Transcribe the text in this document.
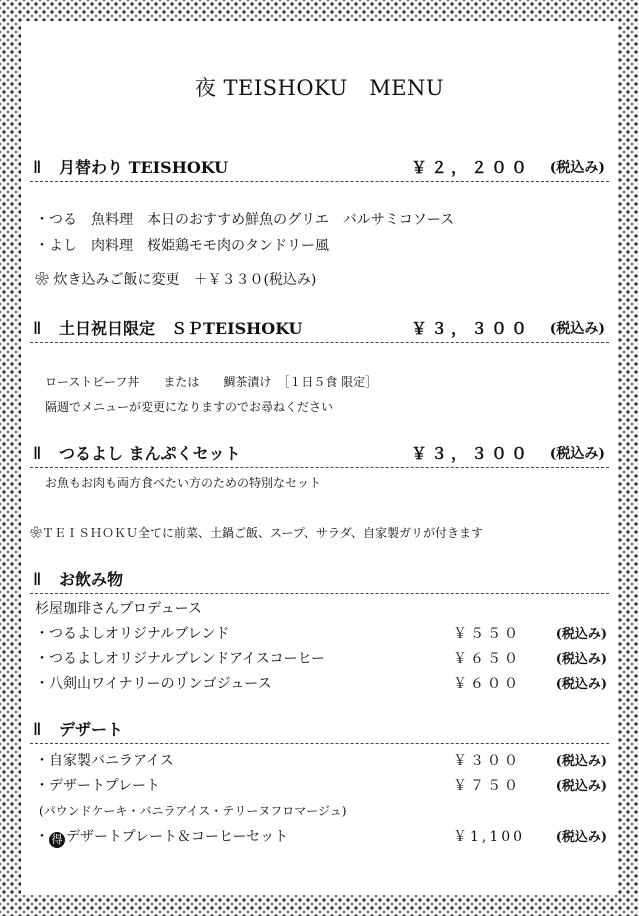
夜 TEISHOKU　MENU
ǁ 月替わり TEISHOKU	￥２，２００ (税込み)
・つる　魚料理　本日のおすすめ鮮魚のグリエ　バルサミコソース
・よし　肉料理　桜姫鶏モモ肉のタンドリー風
❀ 炊き込みご飯に変更　＋￥３３０(税込み)
ǁ 土日祝日限定　ＳＰTEISHOKU	￥３，３００ (税込み)
ローストビーフ丼　　または　　鯛茶漬け　［１日５食 限定］
隔週でメニューが変更になりますのでお尋ねください
ǁ つるよし まんぷくセット	￥３，３００ (税込み)
お魚もお肉も両方食べたい方のための特別なセット
❀ＴＥＩＳＨＯＫＵ全てに前菜、土鍋ご飯、スープ、サラダ、自家製ガリが付きます
ǁ お飲み物
杉屋珈琲さんプロデュース
・つるよしオリジナルブレンド	￥５５０	(税込み)
・つるよしオリジナルブレンドアイスコーヒー	￥６５０	(税込み)
・八剣山ワイナリーのリンゴジュース	￥６００	(税込み)
ǁ デザート
・自家製バニラアイス	￥３００	(税込み)
・デザートプレート	￥７５０	(税込み)
(パウンドケーキ・バニラアイス・テリーヌフロマージュ)
・ 得 デザートプレート＆コーヒーセット	￥1,100 (税込み)
